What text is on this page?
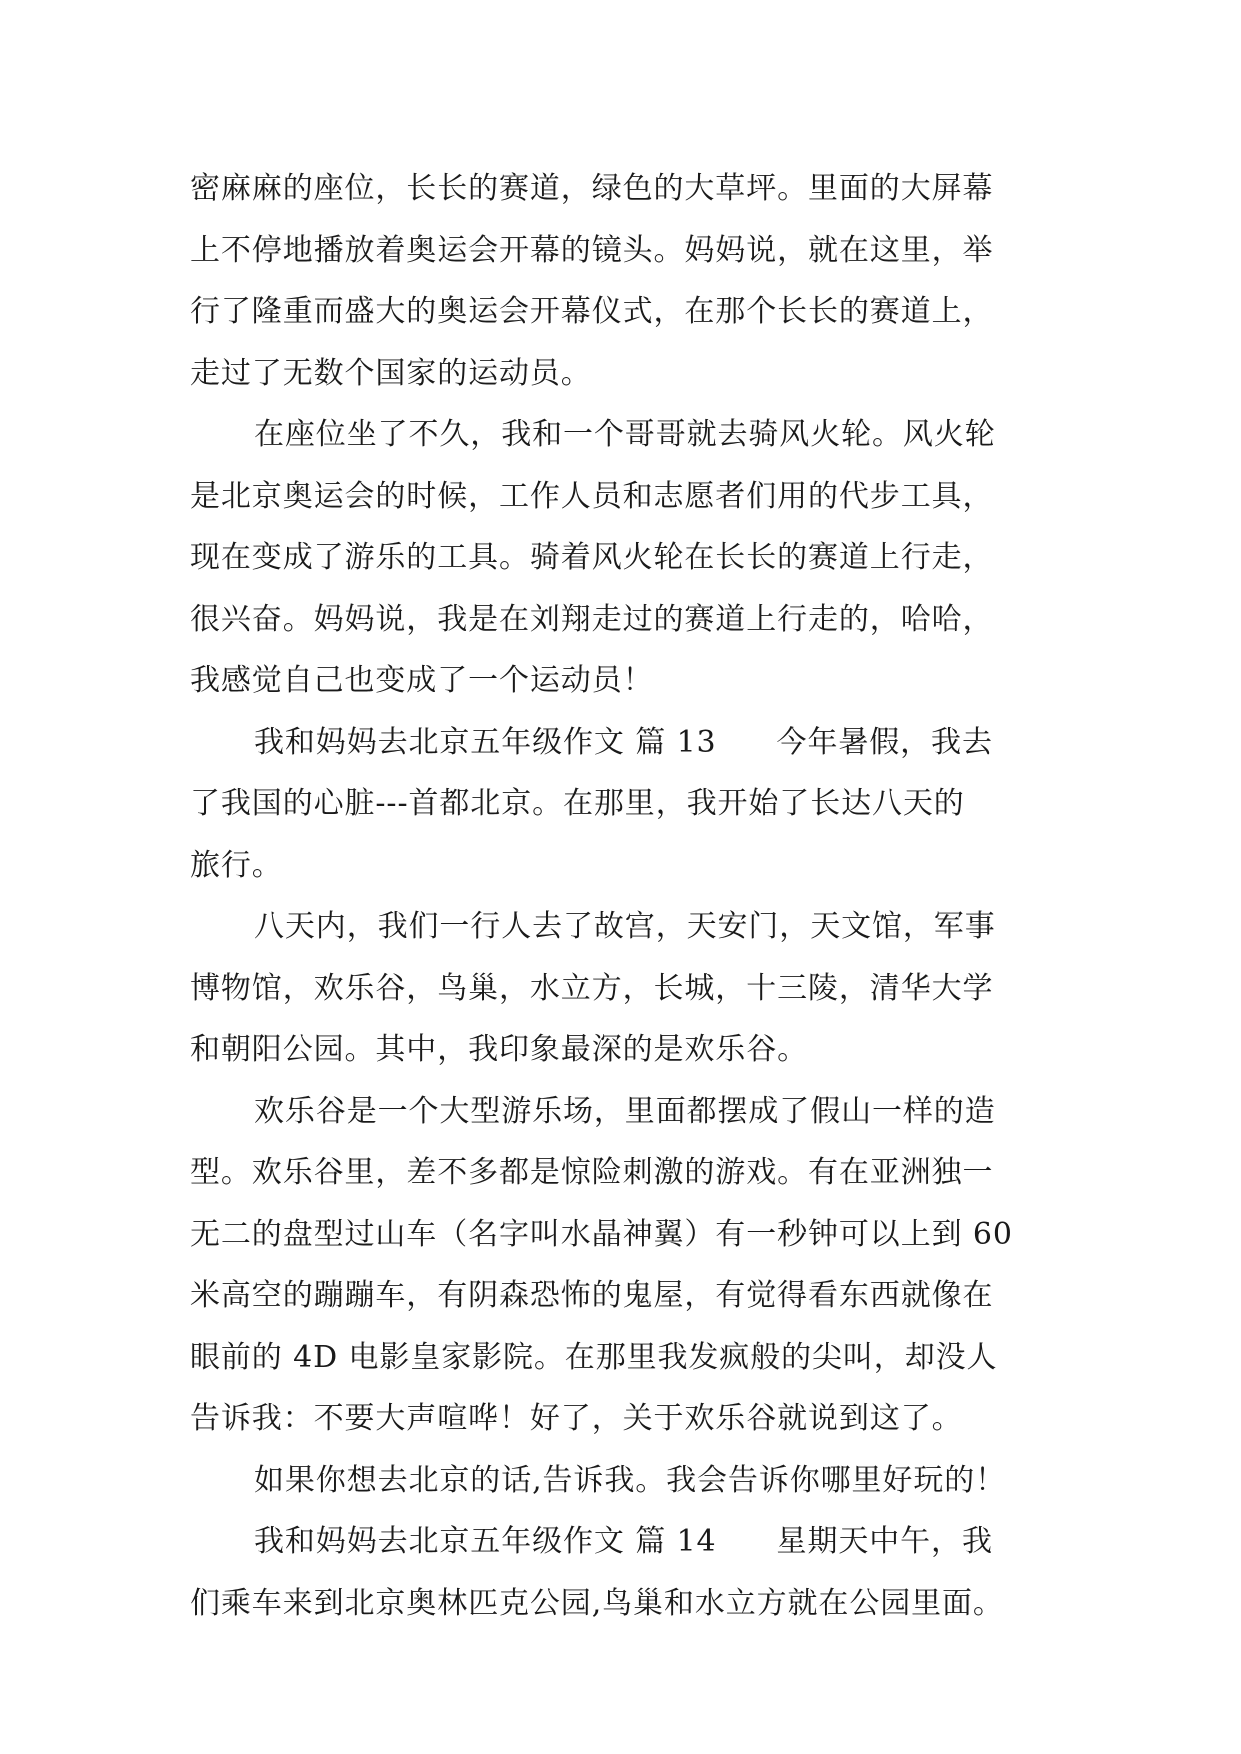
密麻麻的座位，长长的赛道，绿色的大草坪。里面的大屏幕
上不停地播放着奥运会开幕的镜头。妈妈说，就在这里，举
行了隆重而盛大的奥运会开幕仪式，在那个长长的赛道上，
走过了无数个国家的运动员。
在座位坐了不久，我和一个哥哥就去骑风火轮。风火轮
是北京奥运会的时候，工作人员和志愿者们用的代步工具，
现在变成了游乐的工具。骑着风火轮在长长的赛道上行走，
很兴奋。妈妈说，我是在刘翔走过的赛道上行走的，哈哈，
我感觉自己也变成了一个运动员！
我和妈妈去北京五年级作文 篇 13 今年暑假，我去
了我国的心脏---首都北京。在那里，我开始了长达八天的
旅行。
八天内，我们一行人去了故宫，天安门，天文馆，军事
博物馆，欢乐谷，鸟巢，水立方，长城，十三陵，清华大学
和朝阳公园。其中，我印象最深的是欢乐谷。
欢乐谷是一个大型游乐场，里面都摆成了假山一样的造
型。欢乐谷里，差不多都是惊险刺激的游戏。有在亚洲独一
无二的盘型过山车（名字叫水晶神翼）有一秒钟可以上到 60
米高空的蹦蹦车，有阴森恐怖的鬼屋，有觉得看东西就像在
眼前的 4D 电影皇家影院。在那里我发疯般的尖叫，却没人
告诉我：不要大声喧哗！好了，关于欢乐谷就说到这了。
如果你想去北京的话,告诉我。我会告诉你哪里好玩的！
我和妈妈去北京五年级作文 篇 14 星期天中午，我
们乘车来到北京奥林匹克公园,鸟巢和水立方就在公园里面。
